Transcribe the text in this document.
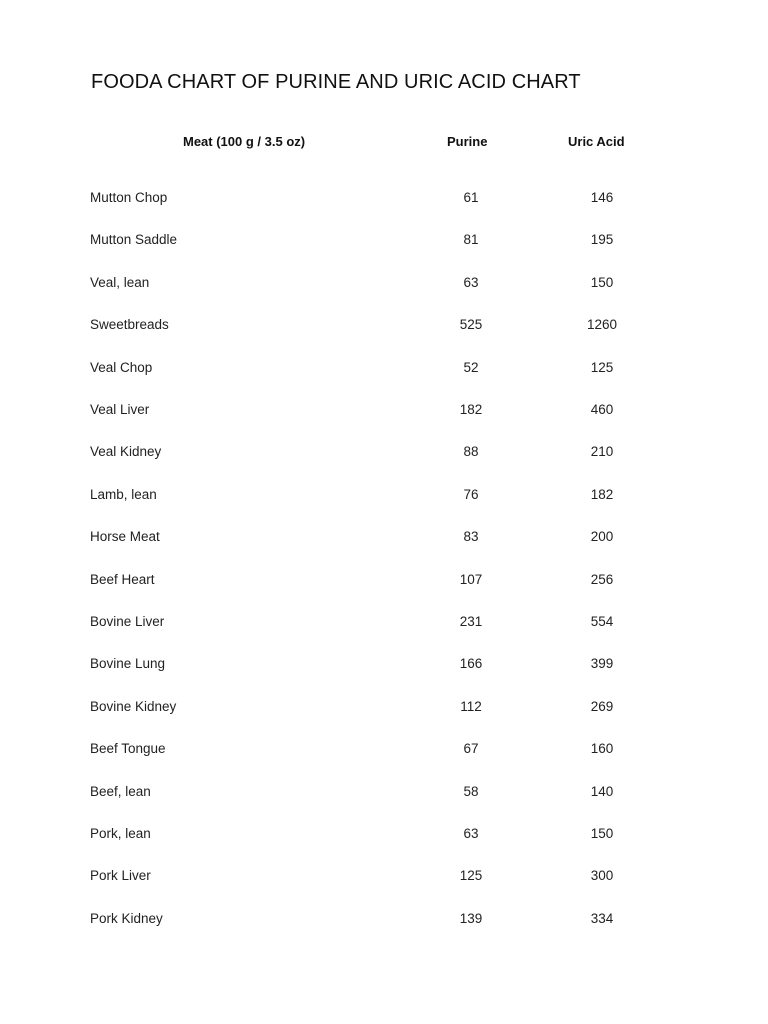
FOODA CHART OF PURINE AND URIC ACID CHART
Meat (100 g / 3.5 oz)	Purine	Uric Acid
Mutton Chop	61	146
Mutton Saddle	81	195
Veal, lean	63	150
Sweetbreads	525	1260
Veal Chop	52	125
Veal Liver	182	460
Veal Kidney	88	210
Lamb, lean	76	182
Horse Meat	83	200
Beef Heart	107	256
Bovine Liver	231	554
Bovine Lung	166	399
Bovine Kidney	112	269
Beef Tongue	67	160
Beef, lean	58	140
Pork, lean	63	150
Pork Liver	125	300
Pork Kidney	139	334
